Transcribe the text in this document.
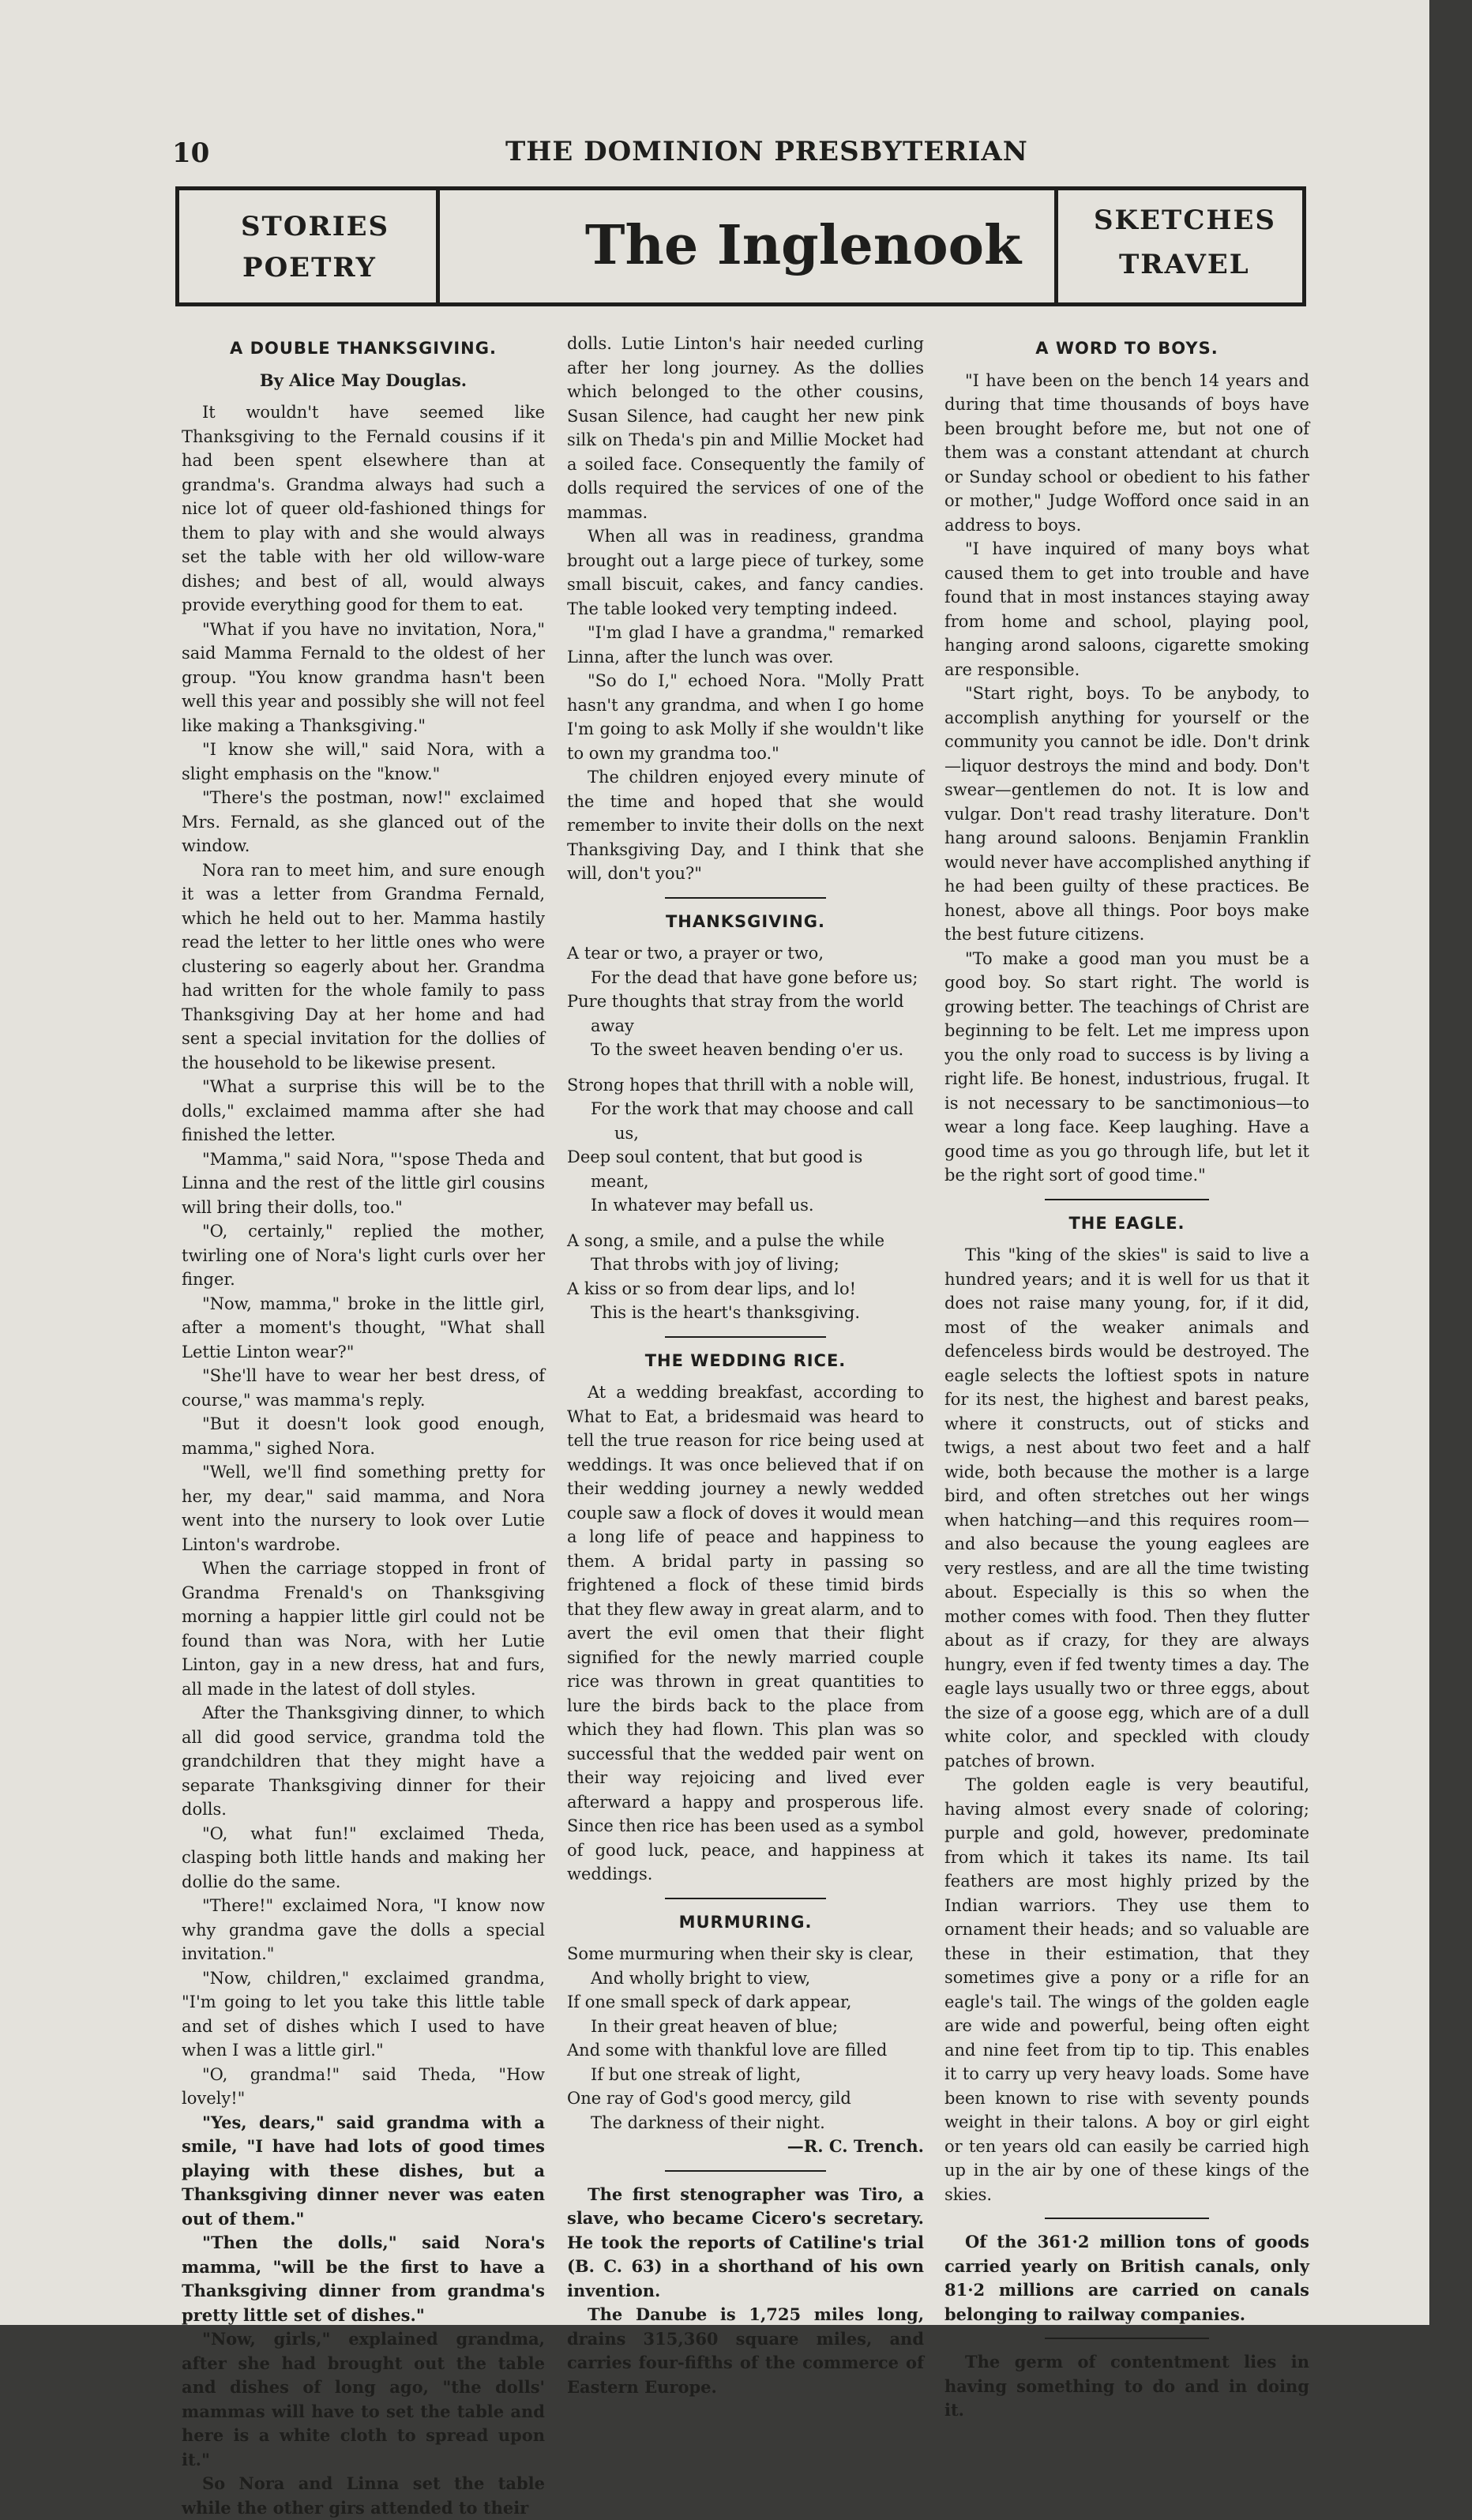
10	THE DOMINION PRESBYTERIAN
STORIES
POETRY	The Inglenook	SKETCHES
TRAVEL
A DOUBLE THANKSGIVING.
By Alice May Douglas.

It wouldn't have seemed like Thanksgiving to the Fernald cousins if it had been spent elsewhere than at grandma's. Grandma always had such a nice lot of queer old-fashioned things for them to play with and she would always set the table with her old willow-ware dishes; and best of all, would always provide everything good for them to eat.

"What if you have no invitation, Nora," said Mamma Fernald to the oldest of her group. "You know grandma hasn't been well this year and possibly she will not feel like making a Thanksgiving."

"I know she will," said Nora, with a slight emphasis on the "know."

"There's the postman, now!" exclaimed Mrs. Fernald, as she glanced out of the window.

Nora ran to meet him, and sure enough it was a letter from Grandma Fernald, which he held out to her. Mamma hastily read the letter to her little ones who were clustering so eagerly about her. Grandma had written for the whole family to pass Thanksgiving Day at her home and had sent a special invitation for the dollies of the household to be likewise present.

"What a surprise this will be to the dolls," exclaimed mamma after she had finished the letter.

"Mamma," said Nora, "'spose Theda and Linna and the rest of the little girl cousins will bring their dolls, too."

"O, certainly," replied the mother, twirling one of Nora's light curls over her finger.

"Now, mamma," broke in the little girl, after a moment's thought, "What shall Lettie Linton wear?"

"She'll have to wear her best dress, of course," was mamma's reply.

"But it doesn't look good enough, mamma," sighed Nora.

"Well, we'll find something pretty for her, my dear," said mamma, and Nora went into the nursery to look over Lutie Linton's wardrobe.

When the carriage stopped in front of Grandma Frenald's on Thanksgiving morning a happier little girl could not be found than was Nora, with her Lutie Linton, gay in a new dress, hat and furs, all made in the latest of doll styles.

After the Thanksgiving dinner, to which all did good service, grandma told the grandchildren that they might have a separate Thanksgiving dinner for their dolls.

"O, what fun!" exclaimed Theda, clasping both little hands and making her dollie do the same.

"There!" exclaimed Nora, "I know now why grandma gave the dolls a special invitation."

"Now, children," exclaimed grandma, "I'm going to let you take this little table and set of dishes which I used to have when I was a little girl."

"O, grandma!" said Theda, "How lovely!"

"Yes, dears," said grandma with a smile, "I have had lots of good times playing with these dishes, but a Thanksgiving dinner never was eaten out of them."

"Then the dolls," said Nora's mamma, "will be the first to have a Thanksgiving dinner from grandma's pretty little set of dishes."

"Now, girls," explained grandma, after she had brought out the table and dishes of long ago, "the dolls' mammas will have to set the table and here is a white cloth to spread upon it."

So Nora and Linna set the table while the other girs attended to their

dolls. Lutie Linton's hair needed curling after her long journey. As the dollies which belonged to the other cousins, Susan Silence, had caught her new pink silk on Theda's pin and Millie Mocket had a soiled face. Consequently the family of dolls required the services of one of the mammas.

When all was in readiness, grandma brought out a large piece of turkey, some small biscuit, cakes, and fancy candies. The table looked very tempting indeed.

"I'm glad I have a grandma," remarked Linna, after the lunch was over.

"So do I," echoed Nora. "Molly Pratt hasn't any grandma, and when I go home I'm going to ask Molly if she wouldn't like to own my grandma too."

The children enjoyed every minute of the time and hoped that she would remember to invite their dolls on the next Thanksgiving Day, and I think that she will, don't you?"

THANKSGIVING.
A tear or two, a prayer or two,
For the dead that have gone before us;
Pure thoughts that stray from the world away
To the sweet heaven bending o'er us.
Strong hopes that thrill with a noble will,
For the work that may choose and call us,
Deep soul content, that but good is meant,
In whatever may befall us.
A song, a smile, and a pulse the while
That throbs with joy of living;
A kiss or so from dear lips, and lo!
This is the heart's thanksgiving.
THE WEDDING RICE.

At a wedding breakfast, according to What to Eat, a bridesmaid was heard to tell the true reason for rice being used at weddings. It was once believed that if on their wedding journey a newly wedded couple saw a flock of doves it would mean a long life of peace and happiness to them. A bridal party in passing so frightened a flock of these timid birds that they flew away in great alarm, and to avert the evil omen that their flight signified for the newly married couple rice was thrown in great quantities to lure the birds back to the place from which they had flown. This plan was so successful that the wedded pair went on their way rejoicing and lived ever afterward a happy and prosperous life. Since then rice has been used as a symbol of good luck, peace, and happiness at weddings.

MURMURING.
Some murmuring when their sky is clear,
And wholly bright to view,
If one small speck of dark appear,
In their great heaven of blue;
And some with thankful love are filled
If but one streak of light,
One ray of God's good mercy, gild
The darkness of their night.
—R. C. Trench.

The first stenographer was Tiro, a slave, who became Cicero's secretary. He took the reports of Catiline's trial (B. C. 63) in a shorthand of his own invention.

The Danube is 1,725 miles long, drains 315,360 square miles, and carries four-fifths of the commerce of Eastern Europe.

A WORD TO BOYS.

"I have been on the bench 14 years and during that time thousands of boys have been brought before me, but not one of them was a constant attendant at church or Sunday school or obedient to his father or mother," Judge Wofford once said in an address to boys.

"I have inquired of many boys what caused them to get into trouble and have found that in most instances staying away from home and school, playing pool, hanging arond saloons, cigarette smoking are responsible.

"Start right, boys. To be anybody, to accomplish anything for yourself or the community you cannot be idle. Don't drink—liquor destroys the mind and body. Don't swear—gentlemen do not. It is low and vulgar. Don't read trashy literature. Don't hang around saloons. Benjamin Franklin would never have accomplished anything if he had been guilty of these practices. Be honest, above all things. Poor boys make the best future citizens.

"To make a good man you must be a good boy. So start right. The world is growing better. The teachings of Christ are beginning to be felt. Let me impress upon you the only road to success is by living a right life. Be honest, industrious, frugal. It is not necessary to be sanctimonious—to wear a long face. Keep laughing. Have a good time as you go through life, but let it be the right sort of good time."

THE EAGLE.

This "king of the skies" is said to live a hundred years; and it is well for us that it does not raise many young, for, if it did, most of the weaker animals and defenceless birds would be destroyed. The eagle selects the loftiest spots in nature for its nest, the highest and barest peaks, where it constructs, out of sticks and twigs, a nest about two feet and a half wide, both because the mother is a large bird, and often stretches out her wings when hatching—and this requires room—and also because the young eaglees are very restless, and are all the time twisting about. Especially is this so when the mother comes with food. Then they flutter about as if crazy, for they are always hungry, even if fed twenty times a day. The eagle lays usually two or three eggs, about the size of a goose egg, which are of a dull white color, and speckled with cloudy patches of brown.

The golden eagle is very beautiful, having almost every snade of coloring; purple and gold, however, predominate from which it takes its name. Its tail feathers are most highly prized by the Indian warriors. They use them to ornament their heads; and so valuable are these in their estimation, that they sometimes give a pony or a rifle for an eagle's tail. The wings of the golden eagle are wide and powerful, being often eight and nine feet from tip to tip. This enables it to carry up very heavy loads. Some have been known to rise with seventy pounds weight in their talons. A boy or girl eight or ten years old can easily be carried high up in the air by one of these kings of the skies.

Of the 361·2 million tons of goods carried yearly on British canals, only 81·2 millions are carried on canals belonging to railway companies.

The germ of contentment lies in having something to do and in doing it.
